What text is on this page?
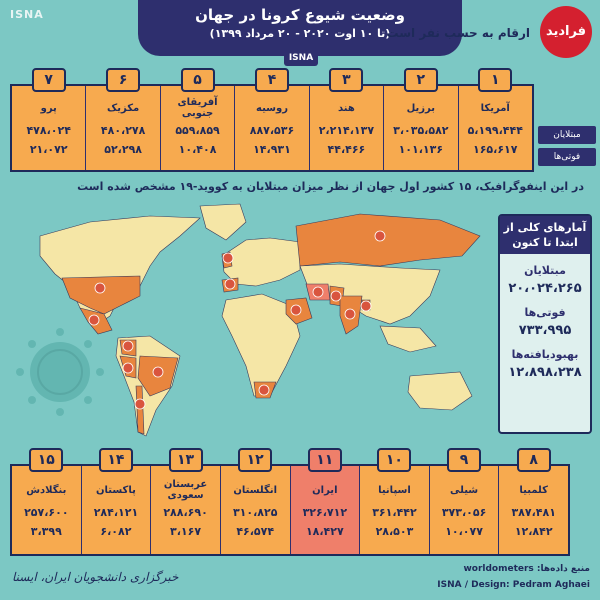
ISNA	وضعیت شیوع کرونا در جهان
(تا ۱۰ اوت ۲۰۲۰ - ۲۰ مرداد ۱۳۹۹)
ISNA
ارقام به حسب نفر است	فرادید
۷
پرو
۴۷۸،۰۲۴
۲۱،۰۷۲
۶
مکزیک
۴۸۰،۲۷۸
۵۲،۲۹۸
۵
آفریقای جنوبی
۵۵۹،۸۵۹
۱۰،۴۰۸
۴
روسیه
۸۸۷،۵۳۶
۱۴،۹۳۱
۳
هند
۲،۲۱۴،۱۳۷
۴۴،۴۶۶
۲
برزیل
۳،۰۳۵،۵۸۲
۱۰۱،۱۳۶
۱
آمریکا
۵،۱۹۹،۴۴۴
۱۶۵،۶۱۷
مبتلایان
فوتی‌ها
در این اینفوگرافیک، ۱۵ کشور اول جهان از نظر میزان مبتلایان به کووید-۱۹ مشخص شده است
آمارهای کلی از ابتدا تا کنون
مبتلایان
۲۰،۰۲۴،۲۶۵
فوتی‌ها
۷۳۳،۹۹۵
بهبودیافته‌ها
۱۲،۸۹۸،۲۳۸
۱۵
بنگلادش
۲۵۷،۶۰۰
۳،۳۹۹
۱۴
پاکستان
۲۸۴،۱۲۱
۶،۰۸۲
۱۳
عربستان سعودی
۲۸۸،۶۹۰
۳،۱۶۷
۱۲
انگلستان
۳۱۰،۸۲۵
۴۶،۵۷۴
۱۱
ایران
۳۲۶،۷۱۲
۱۸،۴۲۷
۱۰
اسپانیا
۳۶۱،۴۴۲
۲۸،۵۰۳
۹
شیلی
۳۷۳،۰۵۶
۱۰،۰۷۷
۸
کلمبیا
۳۸۷،۴۸۱
۱۲،۸۴۲
منبع داده‌ها: worldometers
ISNA / Design: Pedram Aghaei
خبرگزاری دانشجویان ایران، ایسنا
